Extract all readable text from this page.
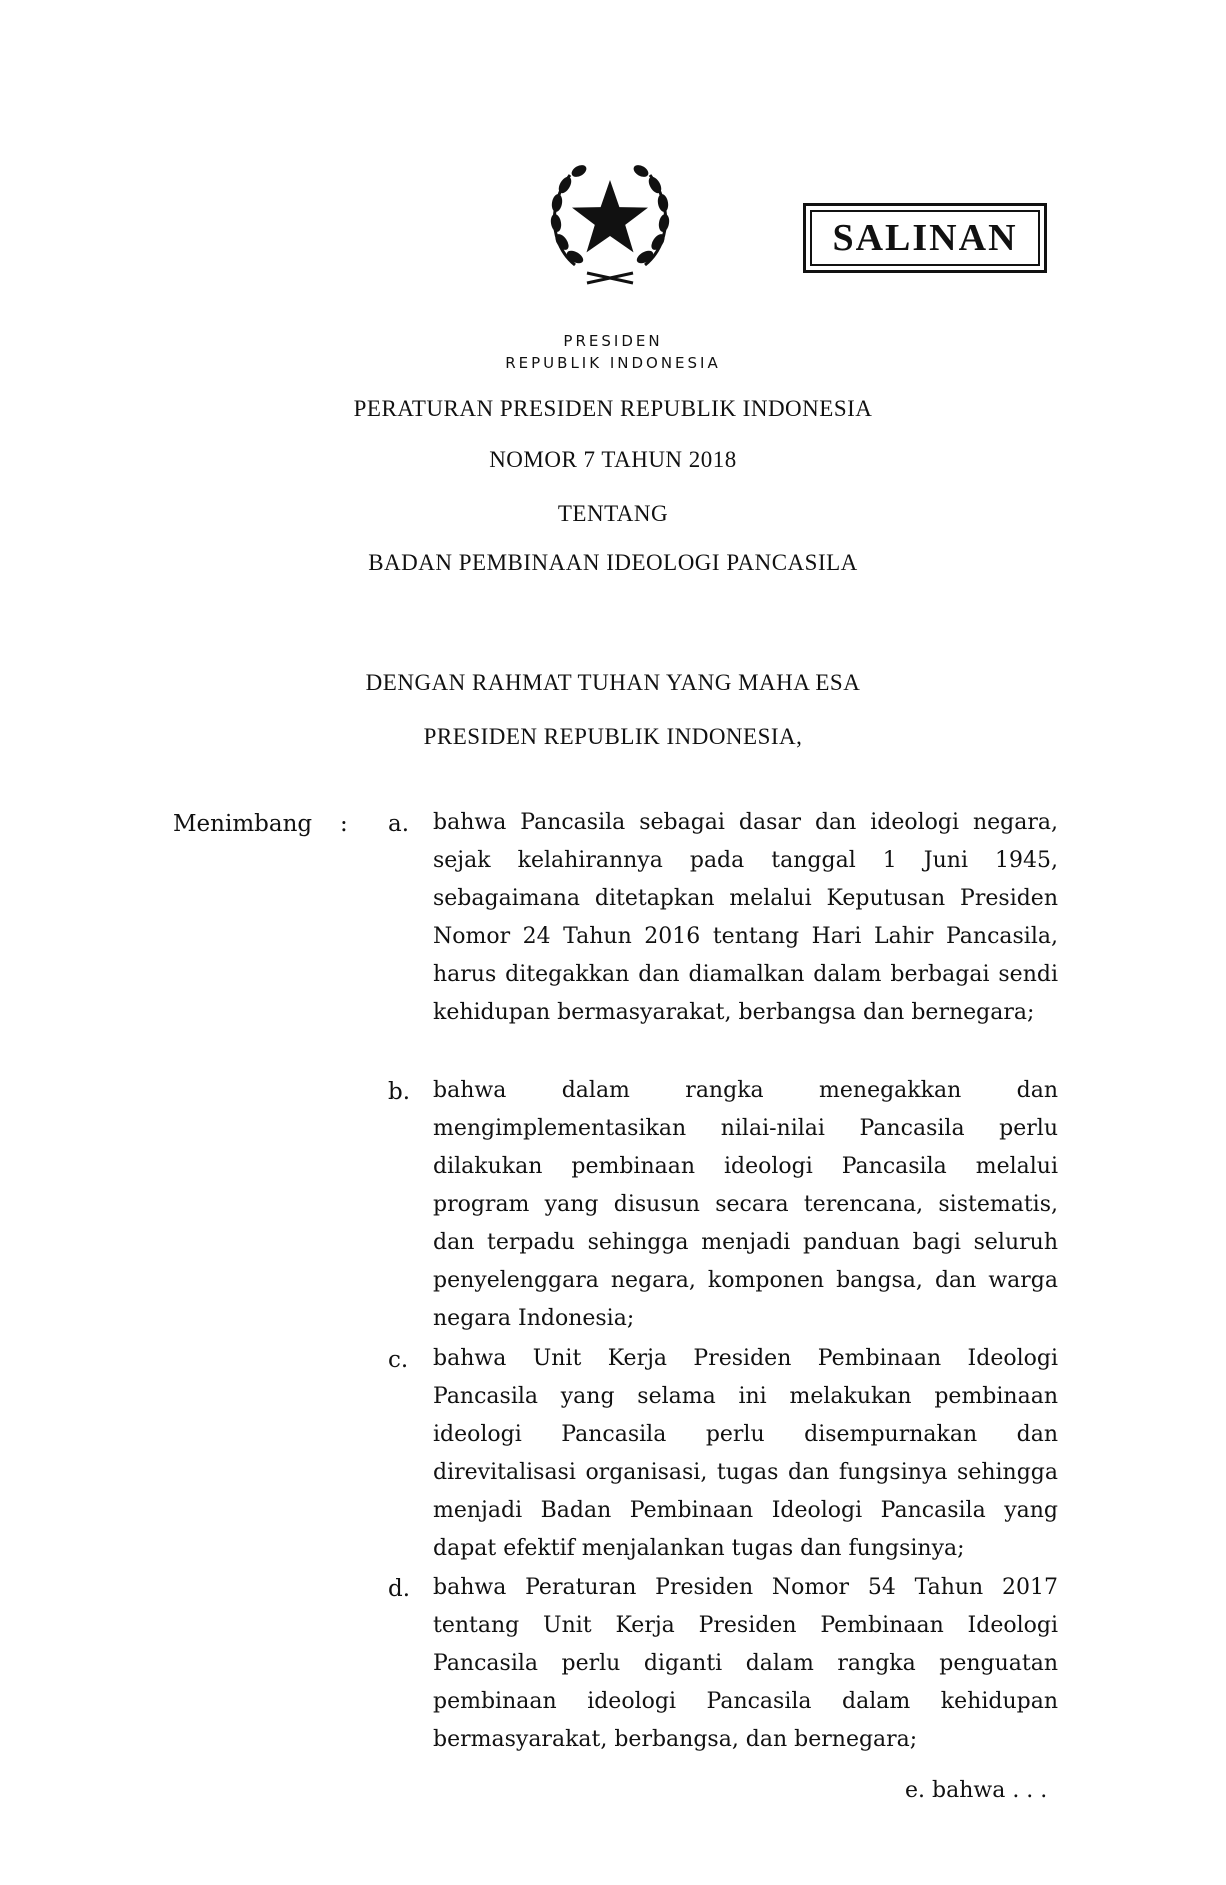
SALINAN
PRESIDEN
REPUBLIK INDONESIA
PERATURAN PRESIDEN REPUBLIK INDONESIA
NOMOR 7 TAHUN 2018
TENTANG
BADAN PEMBINAAN IDEOLOGI PANCASILA
DENGAN RAHMAT TUHAN YANG MAHA ESA
PRESIDEN REPUBLIK INDONESIA,
Menimbang : a. bahwa Pancasila sebagai dasar dan ideologi negara, sejak kelahirannya pada tanggal 1 Juni 1945, sebagaimana ditetapkan melalui Keputusan Presiden Nomor 24 Tahun 2016 tentang Hari Lahir Pancasila, harus ditegakkan dan diamalkan dalam berbagai sendi kehidupan bermasyarakat, berbangsa dan bernegara;
b. bahwa dalam rangka menegakkan dan mengimplementasikan nilai-nilai Pancasila perlu dilakukan pembinaan ideologi Pancasila melalui program yang disusun secara terencana, sistematis, dan terpadu sehingga menjadi panduan bagi seluruh penyelenggara negara, komponen bangsa, dan warga negara Indonesia;
c. bahwa Unit Kerja Presiden Pembinaan Ideologi Pancasila yang selama ini melakukan pembinaan ideologi Pancasila perlu disempurnakan dan direvitalisasi organisasi, tugas dan fungsinya sehingga menjadi Badan Pembinaan Ideologi Pancasila yang dapat efektif menjalankan tugas dan fungsinya;
d. bahwa Peraturan Presiden Nomor 54 Tahun 2017 tentang Unit Kerja Presiden Pembinaan Ideologi Pancasila perlu diganti dalam rangka penguatan pembinaan ideologi Pancasila dalam kehidupan bermasyarakat, berbangsa, dan bernegara;
e. bahwa . . .
